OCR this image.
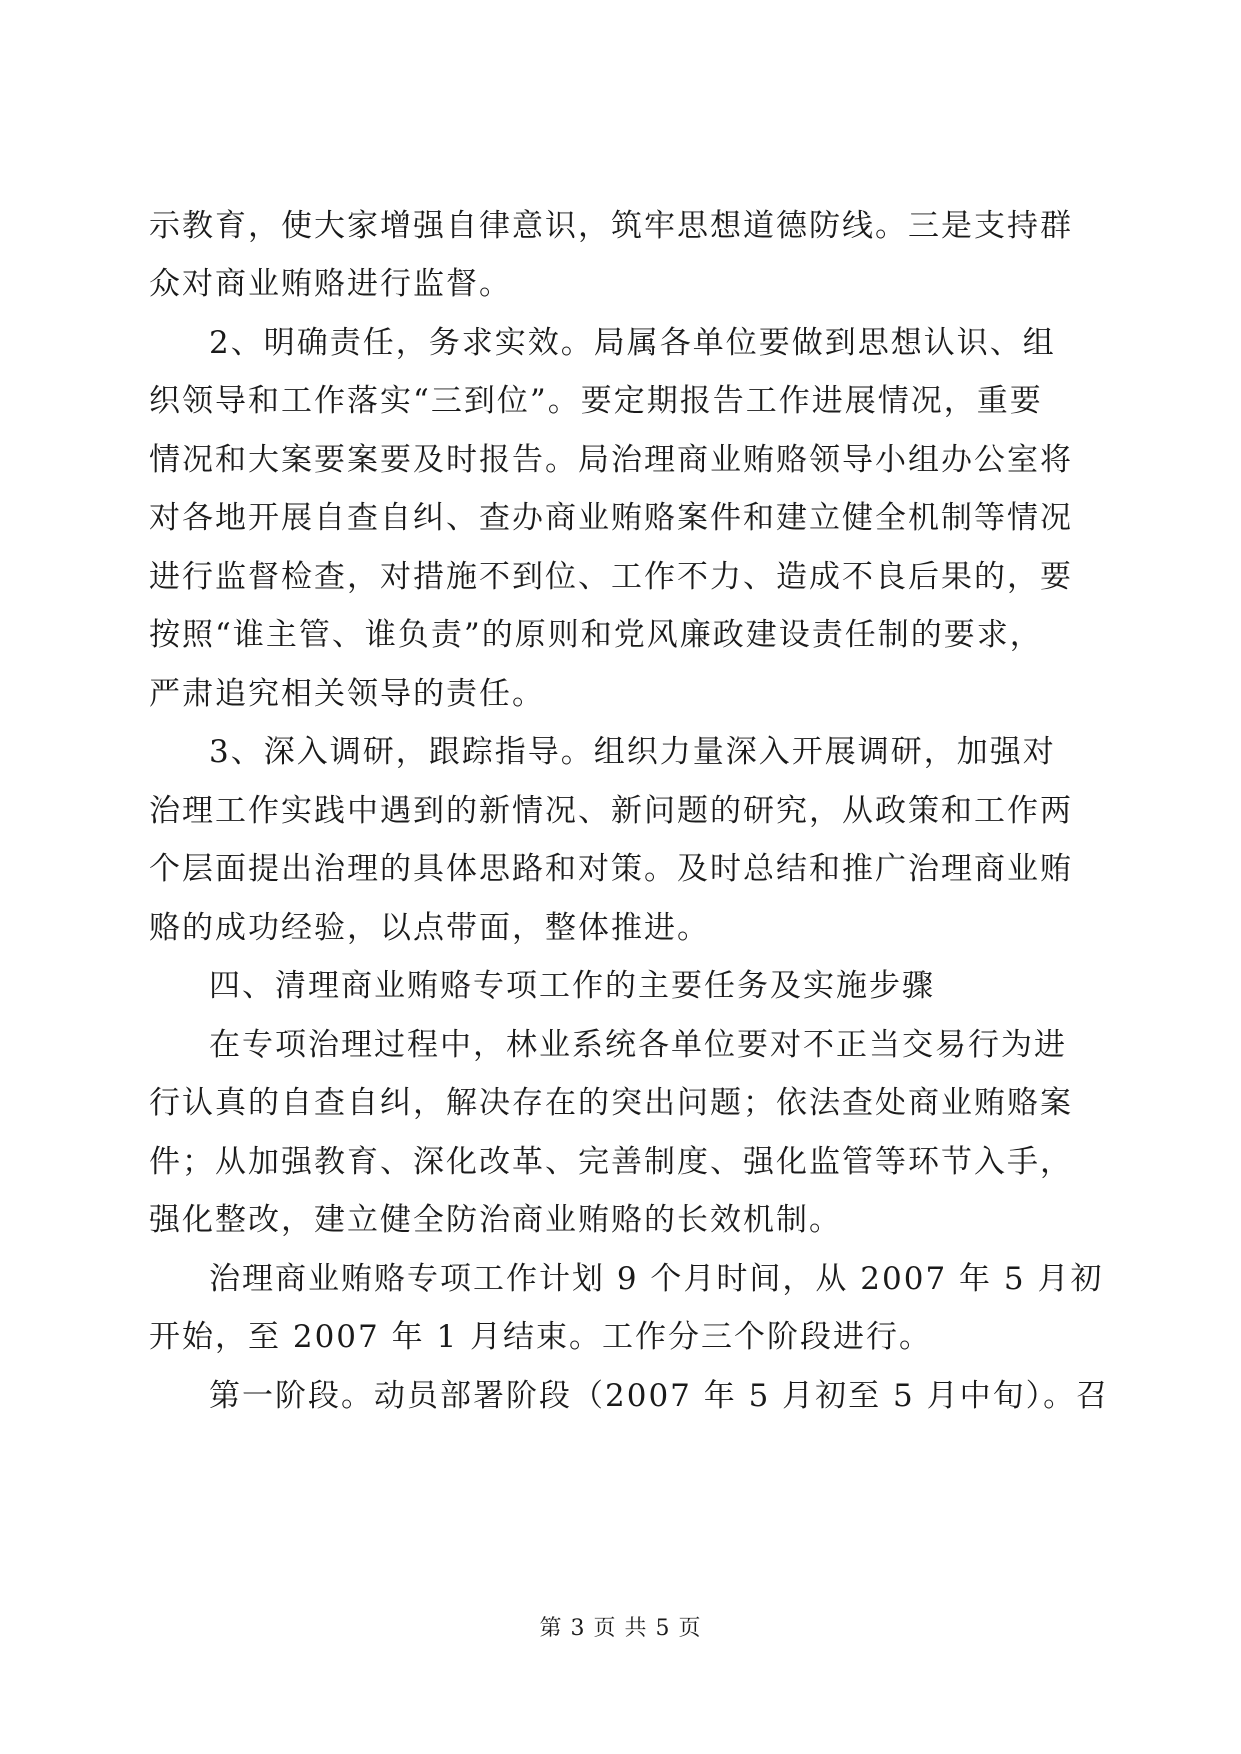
示教育，使大家增强自律意识，筑牢思想道德防线。三是支持群
众对商业贿赂进行监督。
2、明确责任，务求实效。局属各单位要做到思想认识、组
织领导和工作落实“三到位”。要定期报告工作进展情况，重要
情况和大案要案要及时报告。局治理商业贿赂领导小组办公室将
对各地开展自查自纠、查办商业贿赂案件和建立健全机制等情况
进行监督检查，对措施不到位、工作不力、造成不良后果的，要
按照“谁主管、谁负责”的原则和党风廉政建设责任制的要求，
严肃追究相关领导的责任。
3、深入调研，跟踪指导。组织力量深入开展调研，加强对
治理工作实践中遇到的新情况、新问题的研究，从政策和工作两
个层面提出治理的具体思路和对策。及时总结和推广治理商业贿
赂的成功经验，以点带面，整体推进。
四、清理商业贿赂专项工作的主要任务及实施步骤
在专项治理过程中，林业系统各单位要对不正当交易行为进
行认真的自查自纠，解决存在的突出问题；依法查处商业贿赂案
件；从加强教育、深化改革、完善制度、强化监管等环节入手，
强化整改，建立健全防治商业贿赂的长效机制。
治理商业贿赂专项工作计划 9 个月时间，从 2007 年 5 月初
开始，至 2007 年 1 月结束。工作分三个阶段进行。
第一阶段。动员部署阶段（2007 年 5 月初至 5 月中旬）。召
第 3 页 共 5 页
